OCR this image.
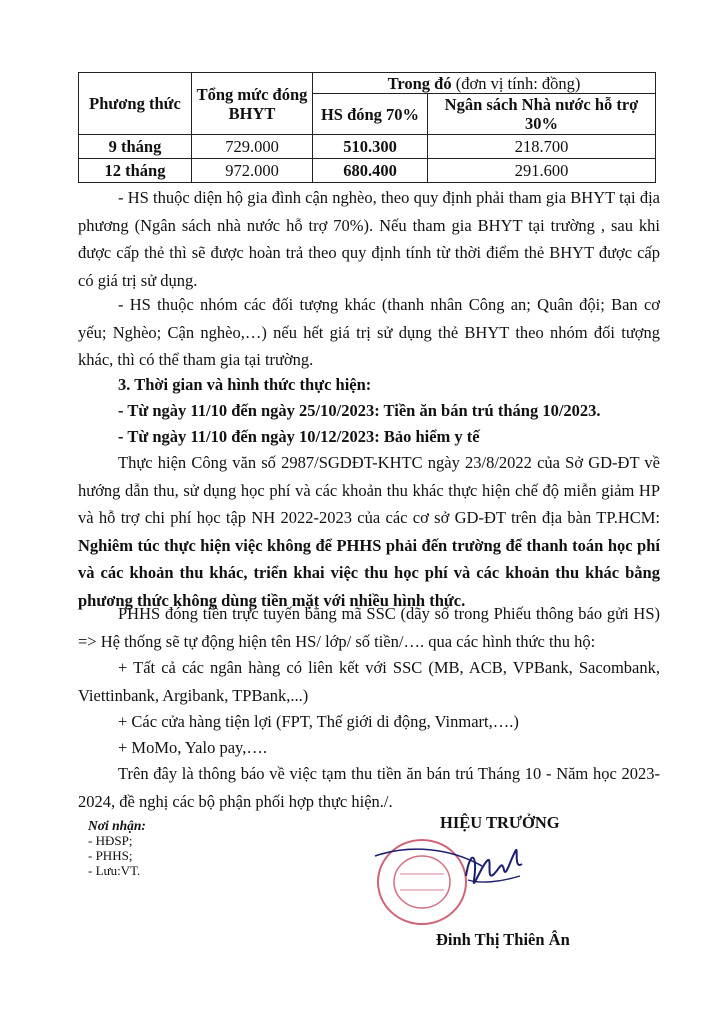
Phương thức	Tổng mức đóng BHYT	Trong đó (đơn vị tính: đồng)	
		HS đóng 70%	Ngân sách Nhà nước hỗ trợ 30%
9 tháng	729.000	510.300	218.700
12 tháng	972.000	680.400	291.600

- HS thuộc diện hộ gia đình cận nghèo, theo quy định phải tham gia BHYT tại địa phương (Ngân sách nhà nước hỗ trợ 70%). Nếu tham gia BHYT tại trường , sau khi được cấp thẻ thì sẽ được hoàn trả theo quy định tính từ thời điểm thẻ BHYT được cấp có giá trị sử dụng.

- HS thuộc nhóm các đối tượng khác (thanh nhân Công an; Quân đội; Ban cơ yếu; Nghèo; Cận nghèo,…) nếu hết giá trị sử dụng thẻ BHYT theo nhóm đối tượng khác, thì có thể tham gia tại trường.

3. Thời gian và hình thức thực hiện:

- Từ ngày 11/10 đến ngày 25/10/2023: Tiền ăn bán trú tháng 10/2023.

- Từ ngày 11/10 đến ngày 10/12/2023: Bảo hiểm y tế

Thực hiện Công văn số 2987/SGDĐT-KHTC ngày 23/8/2022 của Sở GD-ĐT về hướng dẫn thu, sử dụng học phí và các khoản thu khác thực hiện chế độ miễn giảm HP và hỗ trợ chi phí học tập NH 2022-2023 của các cơ sở GD-ĐT trên địa bàn TP.HCM: Nghiêm túc thực hiện việc không để PHHS phải đến trường để thanh toán học phí và các khoản thu khác, triển khai việc thu học phí và các khoản thu khác bằng phương thức không dùng tiền mặt với nhiều hình thức.

PHHS đóng tiền trực tuyến bằng mã SSC (dãy số trong Phiếu thông báo gửi HS) => Hệ thống sẽ tự động hiện tên HS/ lớp/ số tiền/…. qua các hình thức thu hộ:

+ Tất cả các ngân hàng có liên kết với SSC (MB, ACB, VPBank, Sacombank, Viettinbank, Argibank, TPBank,...)

+ Các cửa hàng tiện lợi (FPT, Thế giới di động, Vinmart,….)

+ MoMo, Yalo pay,….

Trên đây là thông báo về việc tạm thu tiền ăn bán trú Tháng 10 - Năm học 2023-2024, đề nghị các bộ phận phối hợp thực hiện./.

Nơi nhận:
- HĐSP;
- PHHS;
- Lưu:VT.
HIỆU TRƯỞNG
Đinh Thị Thiên Ân
